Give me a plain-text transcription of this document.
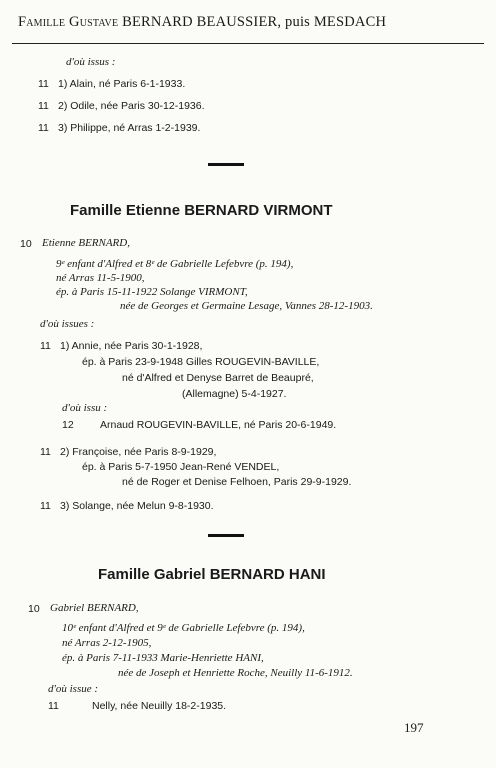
Famille Gustave BERNARD BEAUSSIER, puis MESDACH
d'où issus :
11 1) Alain, né Paris 6-1-1933.
11 2) Odile, née Paris 30-12-1936.
11 3) Philippe, né Arras 1-2-1939.
Famille Etienne BERNARD VIRMONT
10 Etienne BERNARD,
9ᵉ enfant d'Alfred et 8ᵉ de Gabrielle Lefebvre (p. 194),
né Arras 11-5-1900,
ép. à Paris 15-11-1922 Solange VIRMONT,
née de Georges et Germaine Lesage, Vannes 28-12-1903.
d'où issues :
11 1) Annie, née Paris 30-1-1928,
ép. à Paris 23-9-1948 Gilles ROUGEVIN-BAVILLE,
né d'Alfred et Denyse Barret de Beaupré,
(Allemagne) 5-4-1927.
d'où issu :
12	Arnaud ROUGEVIN-BAVILLE, né Paris 20-6-1949.
11 2) Françoise, née Paris 8-9-1929,
ép. à Paris 5-7-1950 Jean-René VENDEL,
né de Roger et Denise Felhoen, Paris 29-9-1929.
11 3) Solange, née Melun 9-8-1930.
Famille Gabriel BERNARD HANI
10 Gabriel BERNARD,
10ᵉ enfant d'Alfred et 9ᵉ de Gabrielle Lefebvre (p. 194),
né Arras 2-12-1905,
ép. à Paris 7-11-1933 Marie-Henriette HANI,
née de Joseph et Henriette Roche, Neuilly 11-6-1912.
d'où issue :
11	Nelly, née Neuilly 18-2-1935.
197
